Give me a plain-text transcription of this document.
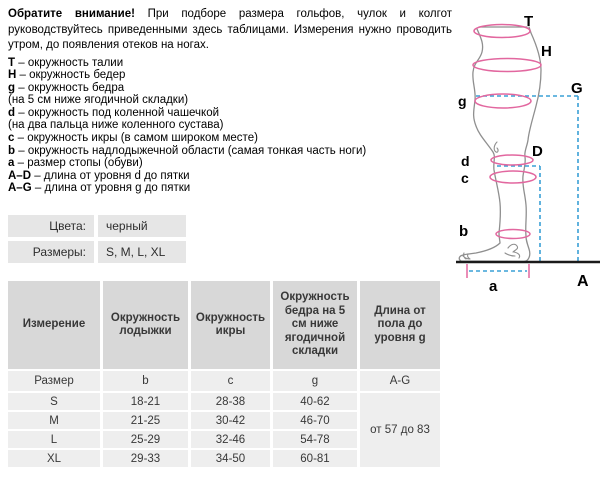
Обратите внимание! При подборе размера гольфов, чулок и колгот руководствуйтесь приведенными здесь таблицами. Измерения нужно проводить утром, до появления отеков на ногах.

T – окружность талии
H – окружность бедер
g – окружность бедра
(на 5 см ниже ягодичной складки)
d – окружность под коленной чашечкой
(на два пальца ниже коленного сустава)
c – окружность икры (в самом широком месте)
b – окружность надлодыжечной области (самая тонкая часть ноги)
a – размер стопы (обуви)
A–D – длина от уровня d до пятки
A–G – длина от уровня g до пятки
Цвета:	черный
Размеры:	S, M, L, XL
Измерение	Окружность лодыжки	Окружность икры	Окружность бедра на 5 см ниже ягодичной складки	Длина от пола до уровня g
Размер	b	c	g	A-G
S	18-21	28-38	40-62	от 57 до 83
M	21-25	30-42	46-70	
L	25-29	32-46	54-78	
XL	29-33	34-50	60-81	
T
H
G
g
D
d
c
b
a	A
